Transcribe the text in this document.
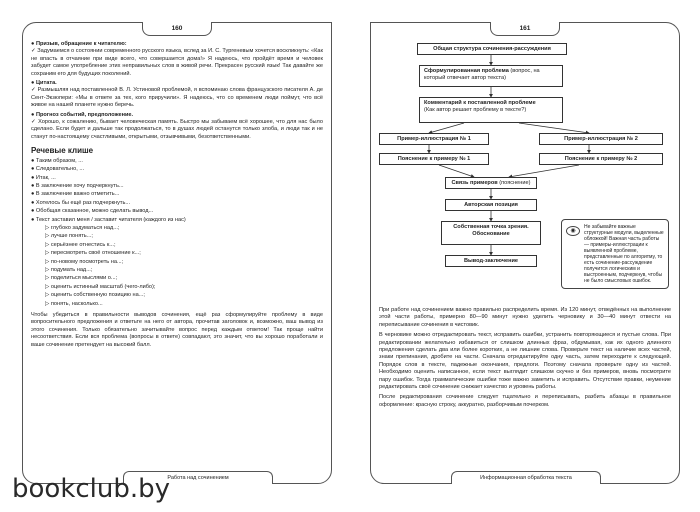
160

● Призыв, обращение к читателю:
✓ Задумаемся о состоянии современного русского языка, вслед за И. С. Тургеневым хочется воскликнуть: «Как не впасть в отчаяние при виде всего, что совершается дома!» Я надеюсь, что пройдёт время и человек забудет самое употребление этих неправильных слов в живой речи. Прекрасен русский язык! Так давайте же сохраним его для будущих поколений.

● Цитата.
✓ Размышляя над поставленной В. Л. Устиновой проблемой, я вспоминаю слова французского писателя А. де Сент-Экзюпери: «Мы в ответе за тех, кого приручили». Я надеюсь, что со временем люди поймут, что всё живое на нашей планете нужно беречь.

● Прогноз событий, предположение.
✓ Хорошо, к сожалению, бывает человеческая память. Быстро мы забываем всё хорошее, что для нас было сделано. Если будет и дальше так продолжаться, то в душах людей останутся только злоба, и люди так и не станут по-настоящему счастливыми, открытыми, отзывчивыми, безответственными.

Речевые клише
● Таким образом, ...
● Следовательно, ...
● Итак, ...
● В заключение хочу подчеркнуть...
● В заключение важно отметить...
● Хотелось бы ещё раз подчеркнуть...
● Обобщая сказанное, можно сделать вывод...
● Текст заставил меня / заставит читателя (каждого из нас)
▷ глубоко задуматься над...;
▷ лучше понять...;
▷ серьёзнее отнестись к...;
▷ пересмотреть своё отношение к...;
▷ по-новому посмотреть на...;
▷ подумать над...;
▷ поделиться мыслями о...;
▷ оценить истинный масштаб (чего-либо);
▷ оценить собственную позицию на...;
▷ понять, насколько...

Чтобы убедиться в правильности выводов сочинения, ещё раз сформулируйте проблему в виде вопросительного предложения и ответьте на него от автора, прочитав заголовок и, возможно, ваш вывод из этого сочинения. Только обязательно зачитывайте вопрос перед каждым ответом! Так проще найти несоответствия. Если вся проблема (вопросы в ответе) совпадают, это значит, что вы хорошо поработали и ваше сочинение претендует на высокий балл.

Работа над сочинением
161
Общая структура сочинения-рассуждения
Сформулированная проблема (вопрос, на который отвечает автор текста)
Комментарий к поставленной проблеме
(Как автор решает проблему в тексте?)
Пример-иллюстрация № 1	Пример-иллюстрация № 2
Пояснение к примеру № 1	Пояснение к примеру № 2
Связь примеров (пояснение)
Авторская позиция
Собственная точка зрения. Обоснование
Вывод-заключение
◉
Не забывайте важные структурные модули, выделенные обложкой! Важная часть работы — примеры-иллюстрации к выявленной проблеме, представленные по алгоритму, то есть сочинение-рассуждение получится логическим и выстроенным, подчеркнув, чтобы не было смысловых ошибок.

При работе над сочинением важно правильно распределить время. Из 120 минут, отведённых на выполнение этой части работы, примерно 80—90 минут нужно уделить черновику и 30—40 минут отвести на переписывание сочинения в чистовик.

В черновике можно отредактировать текст, исправить ошибки, устранить повторяющиеся и пустые слова. При редактировании желательно избавиться от слишком длинных фраз, обдумывая, как их одного длинного предложения сделать два или более коротких, а не лишние слова. Проверьте текст на наличие всех частей, знаки препинания, дробите на части. Сначала отредактируйте одну часть, затем переходите к следующей. Порядок слов в тексте, падежные окончания, предлоги. Поэтому сначала проверьте одну из частей. Необходимо оценить написанное, если текст выглядит слишком скучно и без примеров, вновь посмотрите пару ошибок. Тогда грамматические ошибки тоже важно заметить и исправить. Отсутствие правки, неумение редактировать своё сочинение снижает качество и уровень работы.

После редактирования сочинение следует тщательно и переписывать, разбить абзацы в правильное оформление: красную строку, аккуратно, разборчивым почерком.

Информационная обработка текста
bookclub.by
